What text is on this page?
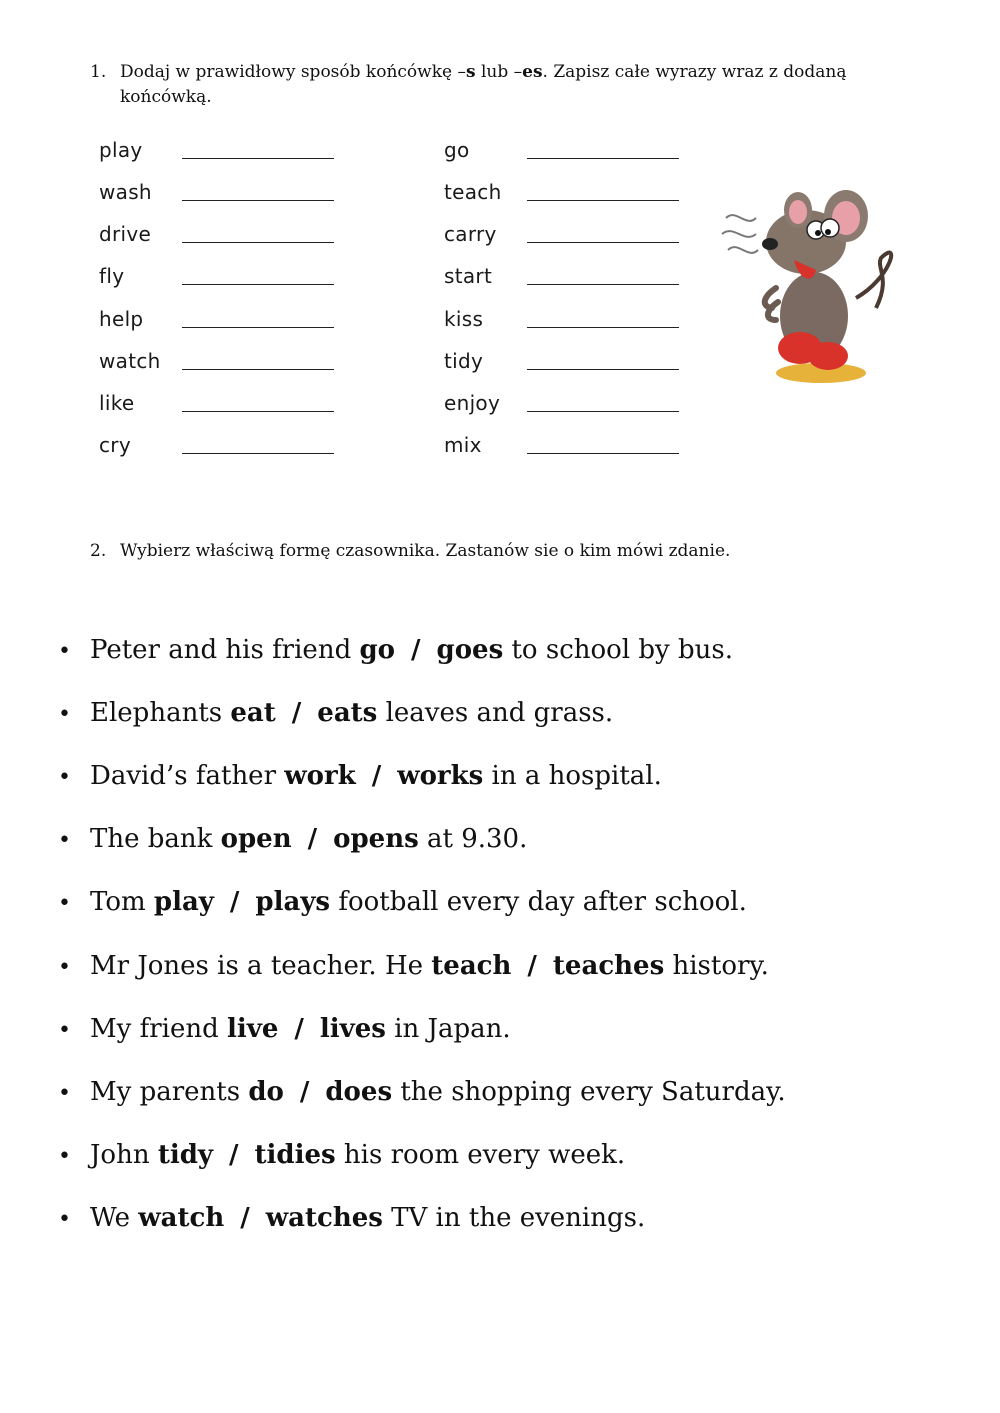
1. Dodaj w prawidłowy sposób końcówkę –s lub –es. Zapisz całe wyrazy wraz z dodaną końcówką.
play
wash
drive
fly
help
watch
like
cry
go
teach
carry
start
kiss
tidy
enjoy
mix
2. Wybierz właściwą formę czasownika. Zastanów sie o kim mówi zdanie.
• Peter and his friend go / goes to school by bus.
• Elephants eat / eats leaves and grass.
• David’s father work / works in a hospital.
• The bank open / opens at 9.30.
• Tom play / plays football every day after school.
• Mr Jones is a teacher. He teach / teaches history.
• My friend live / lives in Japan.
• My parents do / does the shopping every Saturday.
• John tidy / tidies his room every week.
• We watch / watches TV in the evenings.
